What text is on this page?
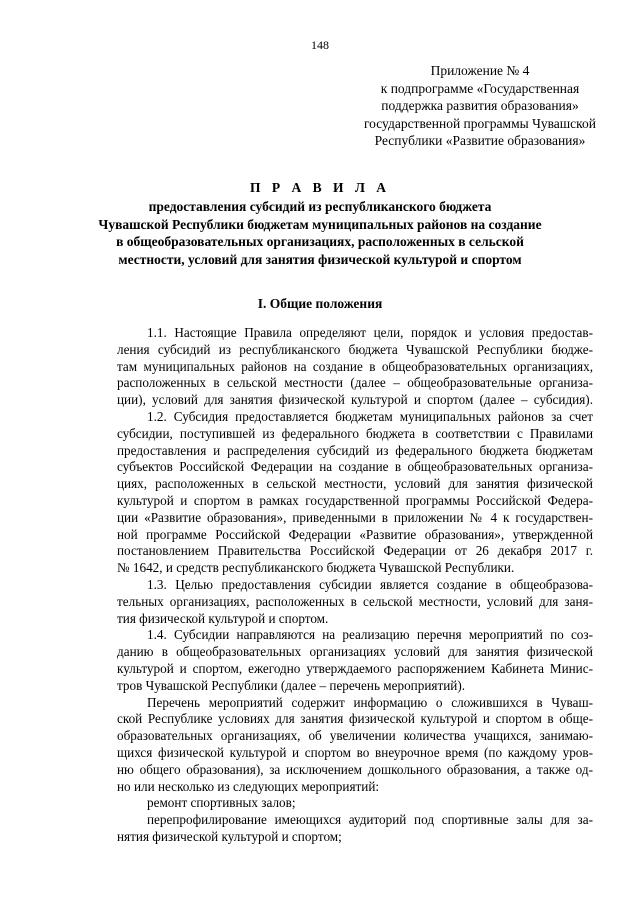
148
Приложение № 4
к подпрограмме «Государственная
поддержка развития образования»
государственной программы Чувашской
Республики «Развитие образования»
П Р А В И Л А
предоставления субсидий из республиканского бюджета
Чувашской Республики бюджетам муниципальных районов на создание
в общеобразовательных организациях, расположенных в сельской
местности, условий для занятия физической культурой и спортом
I. Общие положения
1.1. Настоящие Правила определяют цели, порядок и условия предостав-
ления субсидий из республиканского бюджета Чувашской Республики бюдже-
там муниципальных районов на создание в общеобразовательных организациях,
расположенных в сельской местности (далее – общеобразовательные организа-
ции), условий для занятия физической культурой и спортом (далее – субсидия).
1.2. Субсидия предоставляется бюджетам муниципальных районов за счет
субсидии, поступившей из федерального бюджета в соответствии с Правилами
предоставления и распределения субсидий из федерального бюджета бюджетам
субъектов Российской Федерации на создание в общеобразовательных организа-
циях, расположенных в сельской местности, условий для занятия физической
культурой и спортом в рамках государственной программы Российской Федера-
ции «Развитие образования», приведенными в приложении № 4 к государствен-
ной программе Российской Федерации «Развитие образования», утвержденной
постановлением Правительства Российской Федерации от 26 декабря 2017 г.
№ 1642, и средств республиканского бюджета Чувашской Республики.
1.3. Целью предоставления субсидии является создание в общеобразова-
тельных организациях, расположенных в сельской местности, условий для заня-
тия физической культурой и спортом.
1.4. Субсидии направляются на реализацию перечня мероприятий по соз-
данию в общеобразовательных организациях условий для занятия физической
культурой и спортом, ежегодно утверждаемого распоряжением Кабинета Минис-
тров Чувашской Республики (далее – перечень мероприятий).
Перечень мероприятий содержит информацию о сложившихся в Чуваш-
ской Республике условиях для занятия физической культурой и спортом в обще-
образовательных организациях, об увеличении количества учащихся, занимаю-
щихся физической культурой и спортом во внеурочное время (по каждому уров-
ню общего образования), за исключением дошкольного образования, а также од-
но или несколько из следующих мероприятий:
ремонт спортивных залов;
перепрофилирование имеющихся аудиторий под спортивные залы для за-
нятия физической культурой и спортом;
